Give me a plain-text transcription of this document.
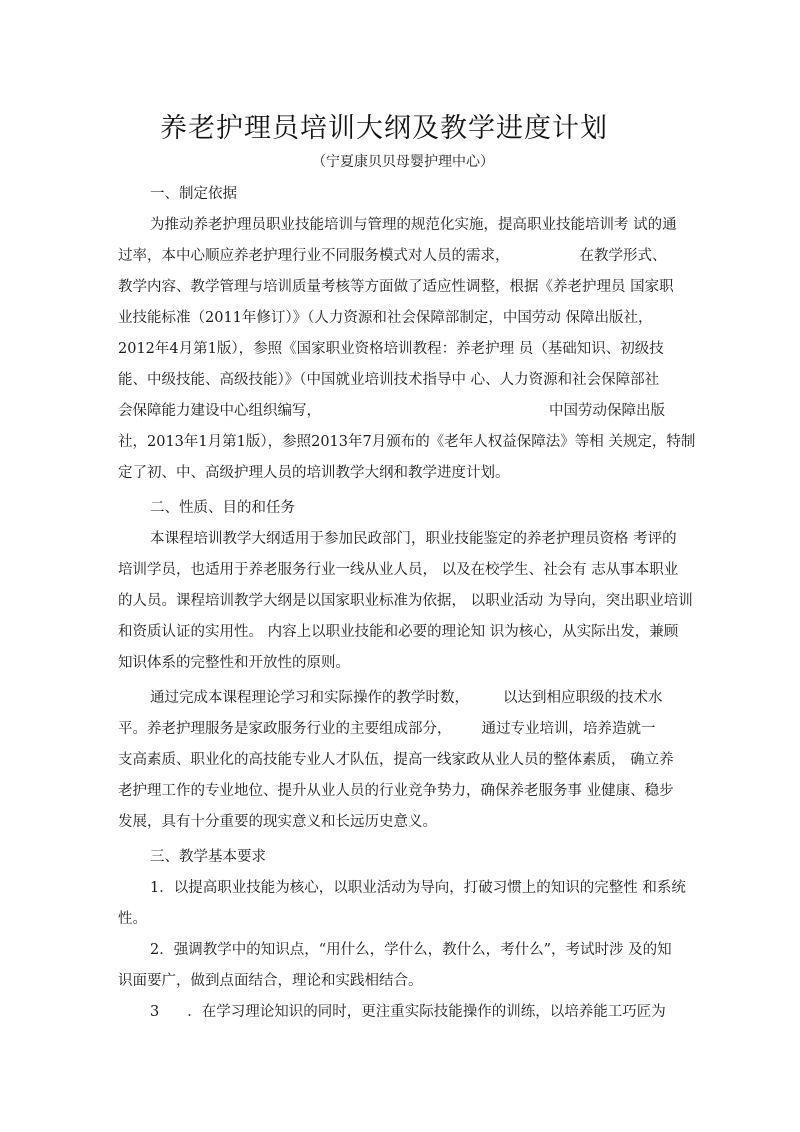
养老护理员培训大纲及教学进度计划
（宁夏康贝贝母婴护理中心）
一、制定依据
为推动养老护理员职业技能培训与管理的规范化实施，提高职业技能培训考 试的通
过率，本中心顺应养老护理行业不同服务模式对人员的需求，	在教学形式、
教学内容、教学管理与培训质量考核等方面做了适应性调整，根据《养老护理员 国家职
业技能标准（2011年修订）》（人力资源和社会保障部制定，中国劳动 保障出版社，
2012年4月第1版），参照《国家职业资格培训教程：养老护理 员（基础知识、初级技
能、中级技能、高级技能）》（中国就业培训技术指导中 心、人力资源和社会保障部社
会保障能力建设中心组织编写，	中国劳动保障出版
社，2013年1月第1版），参照2013年7月颁布的《老年人权益保障法》等相 关规定，特制
定了初、中、高级护理人员的培训教学大纲和教学进度计划。
二、性质、目的和任务
本课程培训教学大纲适用于参加民政部门，职业技能鉴定的养老护理员资格 考评的
培训学员，也适用于养老服务行业一线从业人员， 以及在校学生、社会有 志从事本职业
的人员。课程培训教学大纲是以国家职业标准为依据， 以职业活动 为导向，突出职业培训
和资质认证的实用性。 内容上以职业技能和必要的理论知 识为核心，从实际出发，兼顾
知识体系的完整性和开放性的原则。
通过完成本课程理论学习和实际操作的教学时数， 以达到相应职级的技术水
平。养老护理服务是家政服务行业的主要组成部分， 通过专业培训，培养造就一
支高素质、职业化的高技能专业人才队伍，提高一线家政从业人员的整体素质， 确立养
老护理工作的专业地位、提升从业人员的行业竞争势力，确保养老服务事 业健康、稳步
发展，具有十分重要的现实意义和长远历史意义。
三、教学基本要求
1．以提高职业技能为核心，以职业活动为导向，打破习惯上的知识的完整性 和系统
性。
2．强调教学中的知识点，“用什么，学什么，教什么，考什么”，考试时涉 及的知
识面要广，做到点面结合，理论和实践相结合。
3 ．在学习理论知识的同时，更注重实际技能操作的训练，以培养能工巧匠为
